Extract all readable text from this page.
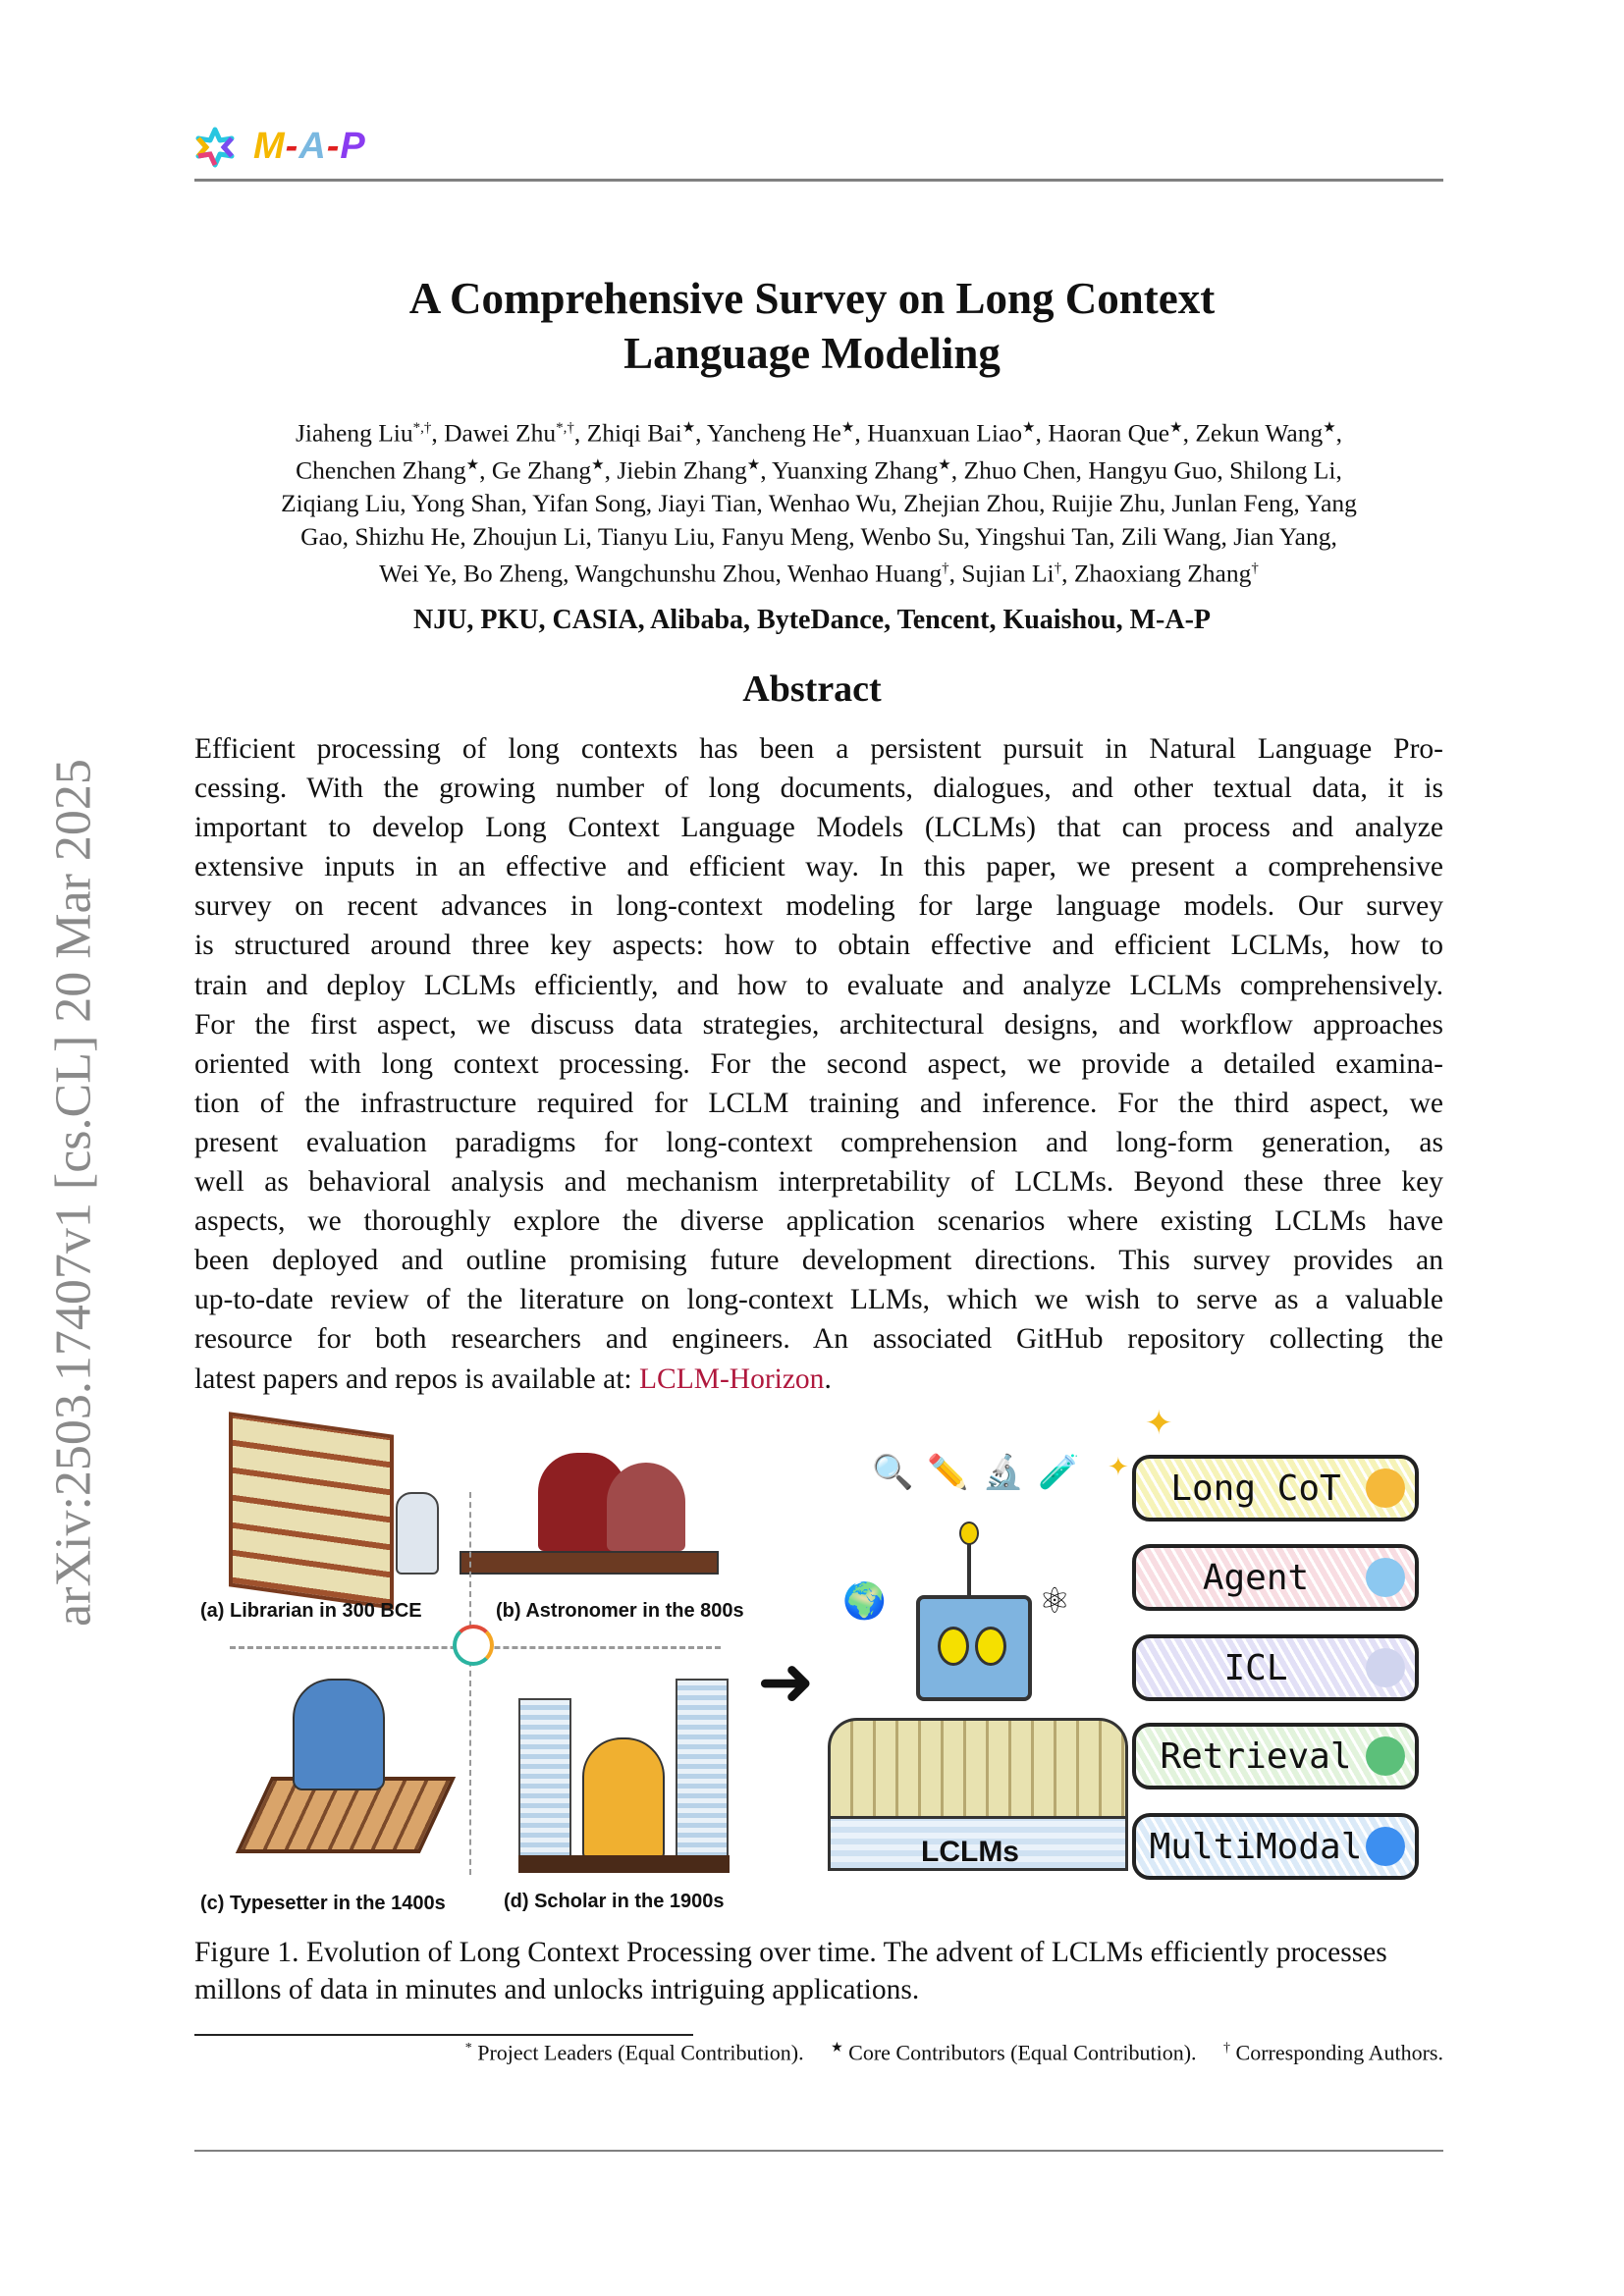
M-A-P
arXiv:2503.17407v1 [cs.CL] 20 Mar 2025
A Comprehensive Survey on Long Context
Language Modeling
Jiaheng Liu*,†, Dawei Zhu*,†, Zhiqi Bai★, Yancheng He★, Huanxuan Liao★, Haoran Que★, Zekun Wang★,
Chenchen Zhang★, Ge Zhang★, Jiebin Zhang★, Yuanxing Zhang★, Zhuo Chen, Hangyu Guo, Shilong Li,
Ziqiang Liu, Yong Shan, Yifan Song, Jiayi Tian, Wenhao Wu, Zhejian Zhou, Ruijie Zhu, Junlan Feng, Yang
Gao, Shizhu He, Zhoujun Li, Tianyu Liu, Fanyu Meng, Wenbo Su, Yingshui Tan, Zili Wang, Jian Yang,
Wei Ye, Bo Zheng, Wangchunshu Zhou, Wenhao Huang†, Sujian Li†, Zhaoxiang Zhang†
NJU, PKU, CASIA, Alibaba, ByteDance, Tencent, Kuaishou, M-A-P
Abstract
Efficient processing of long contexts has been a persistent pursuit in Natural Language Pro-
cessing. With the growing number of long documents, dialogues, and other textual data, it is
important to develop Long Context Language Models (LCLMs) that can process and analyze
extensive inputs in an effective and efficient way. In this paper, we present a comprehensive
survey on recent advances in long-context modeling for large language models. Our survey
is structured around three key aspects: how to obtain effective and efficient LCLMs, how to
train and deploy LCLMs efficiently, and how to evaluate and analyze LCLMs comprehensively.
For the first aspect, we discuss data strategies, architectural designs, and workflow approaches
oriented with long context processing. For the second aspect, we provide a detailed examina-
tion of the infrastructure required for LCLM training and inference. For the third aspect, we
present evaluation paradigms for long-context comprehension and long-form generation, as
well as behavioral analysis and mechanism interpretability of LCLMs. Beyond these three key
aspects, we thoroughly explore the diverse application scenarios where existing LCLMs have
been deployed and outline promising future development directions. This survey provides an
up-to-date review of the literature on long-context LLMs, which we wish to serve as a valuable
resource for both researchers and engineers. An associated GitHub repository collecting the
latest papers and repos is available at: LCLM-Horizon.
➜
🔍✏️🔬🧪
🌍	⚛
LCLMs
✦
✦
Long CoT
Agent
ICL
Retrieval
MultiModal
(a) Librarian in 300 BCE	(b) Astronomer in the 800s
(c) Typesetter in the 1400s	(d) Scholar in the 1900s
Figure 1. Evolution of Long Context Processing over time. The advent of LCLMs efficiently processes millons of data in minutes and unlocks intriguing applications.
* Project Leaders (Equal Contribution).  ★ Core Contributors (Equal Contribution).  † Corresponding Authors.
